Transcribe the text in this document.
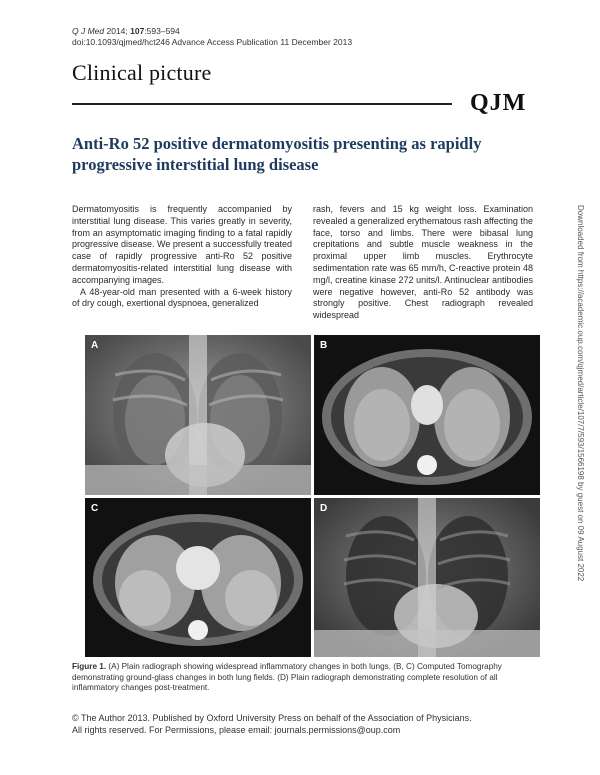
Q J Med 2014; 107:593–594
doi:10.1093/qjmed/hct246 Advance Access Publication 11 December 2013
Clinical picture
QJM
Anti-Ro 52 positive dermatomyositis presenting as rapidly progressive interstitial lung disease

Dermatomyositis is frequently accompanied by interstitial lung disease. This varies greatly in severity, from an asymptomatic imaging finding to a fatal rapidly progressive disease. We present a successfully treated case of rapidly progressive anti-Ro 52 positive dermatomyositis-related interstitial lung disease with accompanying images.

A 48-year-old man presented with a 6-week history of dry cough, exertional dyspnoea, generalized

rash, fevers and 15 kg weight loss. Examination revealed a generalized erythematous rash affecting the face, torso and limbs. There were bibasal lung crepitations and subtle muscle weakness in the proximal upper limb muscles. Erythrocyte sedimentation rate was 65 mm/h, C-reactive protein 48 mg/l, creatine kinase 272 units/l. Antinuclear antibodies were negative however, anti-Ro 52 antibody was strongly positive. Chest radiograph revealed widespread	Downloaded from https://academic.oup.com/qjmed/article/107/7/593/1566198 by guest on 09 August 2022
A	B
C	D
Figure 1. (A) Plain radiograph showing widespread inflammatory changes in both lungs. (B, C) Computed Tomography demonstrating ground-glass changes in both lung fields. (D) Plain radiograph demonstrating complete resolution of all inflammatory changes post-treatment.
© The Author 2013. Published by Oxford University Press on behalf of the Association of Physicians.
All rights reserved. For Permissions, please email: journals.permissions@oup.com
